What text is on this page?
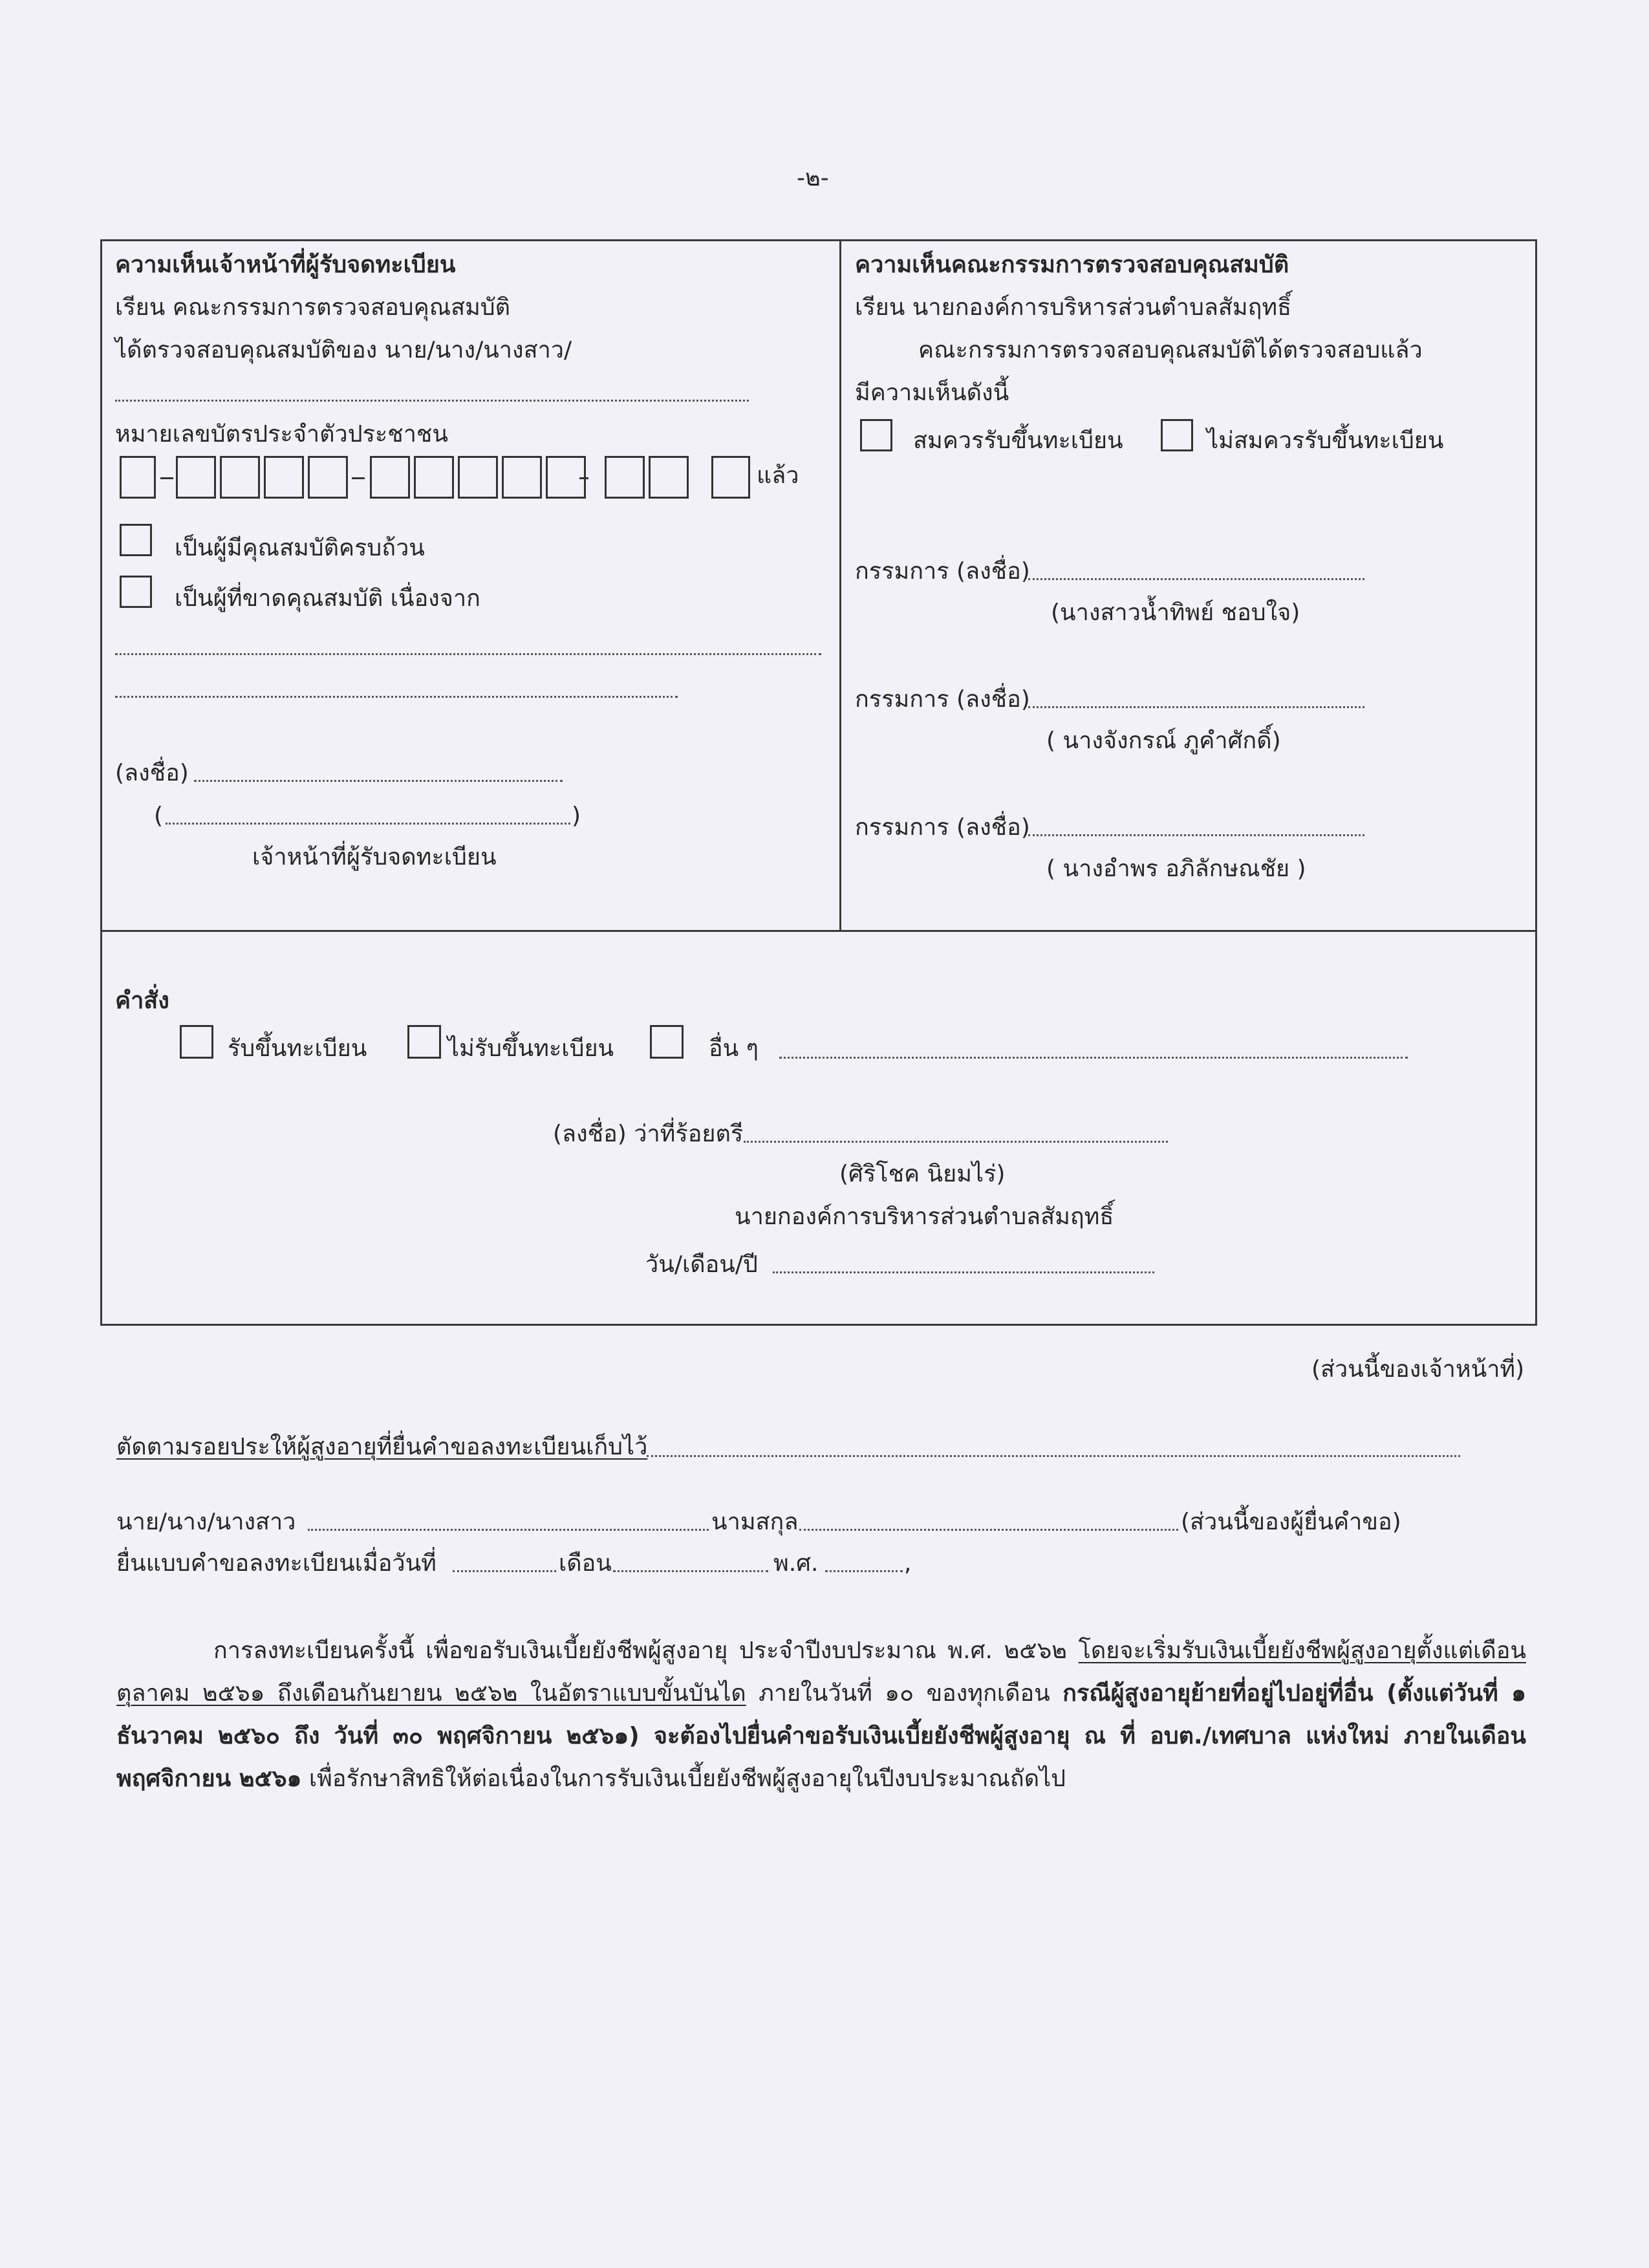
-๒-
ความเห็นเจ้าหน้าที่ผู้รับจดทะเบียน
เรียน คณะกรรมการตรวจสอบคุณสมบัติ
ได้ตรวจสอบคุณสมบัติของ นาย/นาง/นางสาว/
หมายเลขบัตรประจำตัวประชาชน
แล้ว
เป็นผู้มีคุณสมบัติครบถ้วน
เป็นผู้ที่ขาดคุณสมบัติ เนื่องจาก
(ลงชื่อ)
(	)
เจ้าหน้าที่ผู้รับจดทะเบียน
ความเห็นคณะกรรมการตรวจสอบคุณสมบัติ
เรียน นายกองค์การบริหารส่วนตำบลสัมฤทธิ์
คณะกรรมการตรวจสอบคุณสมบัติได้ตรวจสอบแล้ว
มีความเห็นดังนี้
สมควรรับขึ้นทะเบียน	ไม่สมควรรับขึ้นทะเบียน
กรรมการ (ลงชื่อ)
(นางสาวน้ำทิพย์ ชอบใจ)
กรรมการ (ลงชื่อ)
( นางจังกรณ์ ภูคำศักดิ์)
กรรมการ (ลงชื่อ)
( นางอำพร อภิลักษณชัย )
คำสั่ง
รับขึ้นทะเบียน	ไม่รับขึ้นทะเบียน	อื่น ๆ
(ลงชื่อ) ว่าที่ร้อยตรี
(ศิริโชค นิยมไร่)
นายกองค์การบริหารส่วนตำบลสัมฤทธิ์
วัน/เดือน/ปี
(ส่วนนี้ของเจ้าหน้าที่)
ตัดตามรอยประให้ผู้สูงอายุที่ยื่นคำขอลงทะเบียนเก็บไว้
นาย/นาง/นางสาว	นามสกุล	(ส่วนนี้ของผู้ยื่นคำขอ)
ยื่นแบบคำขอลงทะเบียนเมื่อวันที่	เดือน	พ.ศ.	,
การลงทะเบียนครั้งนี้ เพื่อขอรับเงินเบี้ยยังชีพผู้สูงอายุ ประจำปีงบประมาณ พ.ศ. ๒๕๖๒ โดยจะเริ่มรับเงินเบี้ยยังชีพผู้สูงอายุตั้งแต่เดือน ตุลาคม ๒๕๖๑ ถึงเดือนกันยายน ๒๕๖๒ ในอัตราแบบขั้นบันได ภายในวันที่ ๑๐ ของทุกเดือน กรณีผู้สูงอายุย้ายที่อยู่ไปอยู่ที่อื่น (ตั้งแต่วันที่ ๑ ธันวาคม ๒๕๖๐ ถึง วันที่ ๓๐ พฤศจิกายน ๒๕๖๑) จะต้องไปยื่นคำขอรับเงินเบี้ยยังชีพผู้สูงอายุ ณ ที่ อบต./เทศบาล แห่งใหม่ ภายในเดือน พฤศจิกายน ๒๕๖๑ เพื่อรักษาสิทธิให้ต่อเนื่องในการรับเงินเบี้ยยังชีพผู้สูงอายุในปีงบประมาณถัดไป
